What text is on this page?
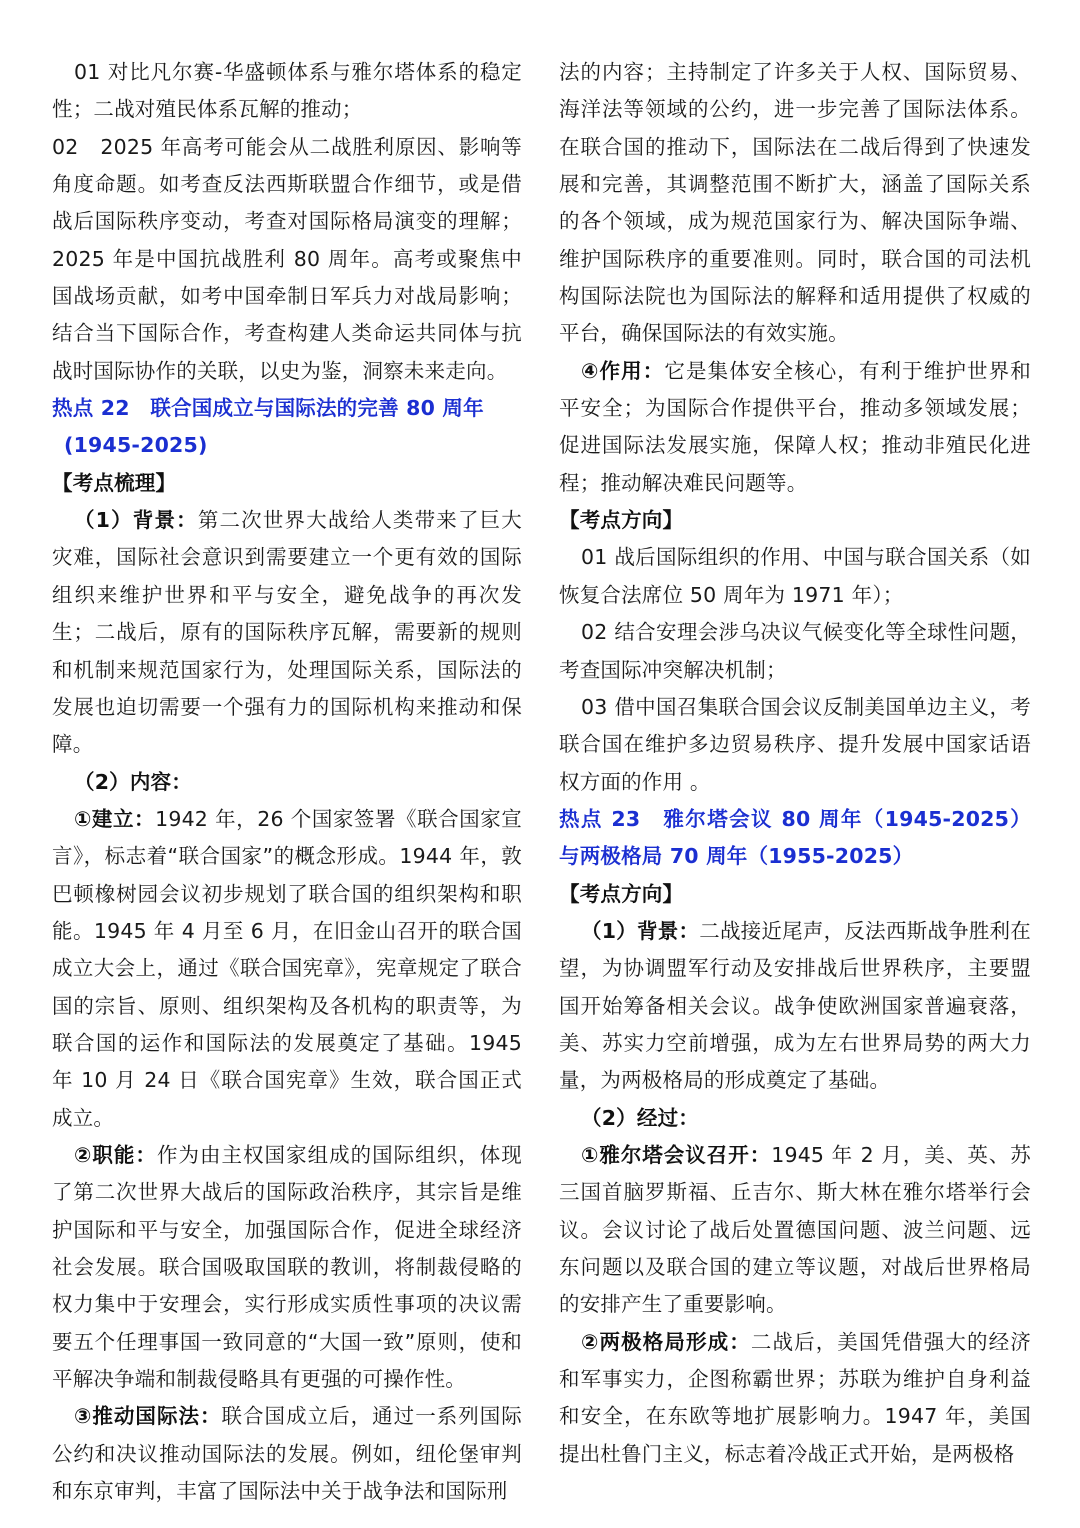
01 对比凡尔赛-华盛顿体系与雅尔塔体系的稳定性；二战对殖民体系瓦解的推动；

02　2025 年高考可能会从二战胜利原因、影响等角度命题。如考查反法西斯联盟合作细节，或是借战后国际秩序变动，考查对国际格局演变的理解；2025 年是中国抗战胜利 80 周年。高考或聚焦中国战场贡献，如考中国牵制日军兵力对战局影响；结合当下国际合作，考查构建人类命运共同体与抗战时国际协作的关联，以史为鉴，洞察未来走向。

热点 22　联合国成立与国际法的完善 80 周年

(1945-2025)

【考点梳理】

（1）背景：第二次世界大战给人类带来了巨大灾难，国际社会意识到需要建立一个更有效的国际组织来维护世界和平与安全，避免战争的再次发生；二战后，原有的国际秩序瓦解，需要新的规则和机制来规范国家行为，处理国际关系，国际法的发展也迫切需要一个强有力的国际机构来推动和保障。

（2）内容：

①建立：1942 年，26 个国家签署《联合国家宣言》，标志着“联合国家”的概念形成。1944 年，敦巴顿橡树园会议初步规划了联合国的组织架构和职能。1945 年 4 月至 6 月，在旧金山召开的联合国成立大会上，通过《联合国宪章》，宪章规定了联合国的宗旨、原则、组织架构及各机构的职责等，为联合国的运作和国际法的发展奠定了基础。1945 年 10 月 24 日《联合国宪章》生效，联合国正式成立。

②职能：作为由主权国家组成的国际组织，体现了第二次世界大战后的国际政治秩序，其宗旨是维护国际和平与安全，加强国际合作，促进全球经济社会发展。联合国吸取国联的教训，将制裁侵略的权力集中于安理会，实行形成实质性事项的决议需要五个任理事国一致同意的“大国一致”原则，使和平解决争端和制裁侵略具有更强的可操作性。

③推动国际法：联合国成立后，通过一系列国际公约和决议推动国际法的发展。例如，纽伦堡审判和东京审判，丰富了国际法中关于战争法和国际刑

法的内容；主持制定了许多关于人权、国际贸易、海洋法等领域的公约，进一步完善了国际法体系。在联合国的推动下，国际法在二战后得到了快速发展和完善，其调整范围不断扩大，涵盖了国际关系的各个领域，成为规范国家行为、解决国际争端、维护国际秩序的重要准则。同时，联合国的司法机构国际法院也为国际法的解释和适用提供了权威的平台，确保国际法的有效实施。

④作用：它是集体安全核心，有利于维护世界和平安全；为国际合作提供平台，推动多领域发展；促进国际法发展实施，保障人权；推动非殖民化进程；推动解决难民问题等。

【考点方向】

01 战后国际组织的作用、中国与联合国关系（如恢复合法席位 50 周年为 1971 年）；

02 结合安理会涉乌决议气候变化等全球性问题，考查国际冲突解决机制；

03 借中国召集联合国会议反制美国单边主义，考联合国在维护多边贸易秩序、提升发展中国家话语权方面的作用 。

热点 23　雅尔塔会议 80 周年（1945-2025）与两极格局 70 周年（1955-2025）

【考点方向】

（1）背景：二战接近尾声，反法西斯战争胜利在望，为协调盟军行动及安排战后世界秩序，主要盟国开始筹备相关会议。战争使欧洲国家普遍衰落，美、苏实力空前增强，成为左右世界局势的两大力量，为两极格局的形成奠定了基础。

（2）经过：

①雅尔塔会议召开：1945 年 2 月，美、英、苏三国首脑罗斯福、丘吉尔、斯大林在雅尔塔举行会议。会议讨论了战后处置德国问题、波兰问题、远东问题以及联合国的建立等议题，对战后世界格局的安排产生了重要影响。

②两极格局形成：二战后，美国凭借强大的经济和军事实力，企图称霸世界；苏联为维护自身利益和安全，在东欧等地扩展影响力。1947 年，美国提出杜鲁门主义，标志着冷战正式开始，是两极格
